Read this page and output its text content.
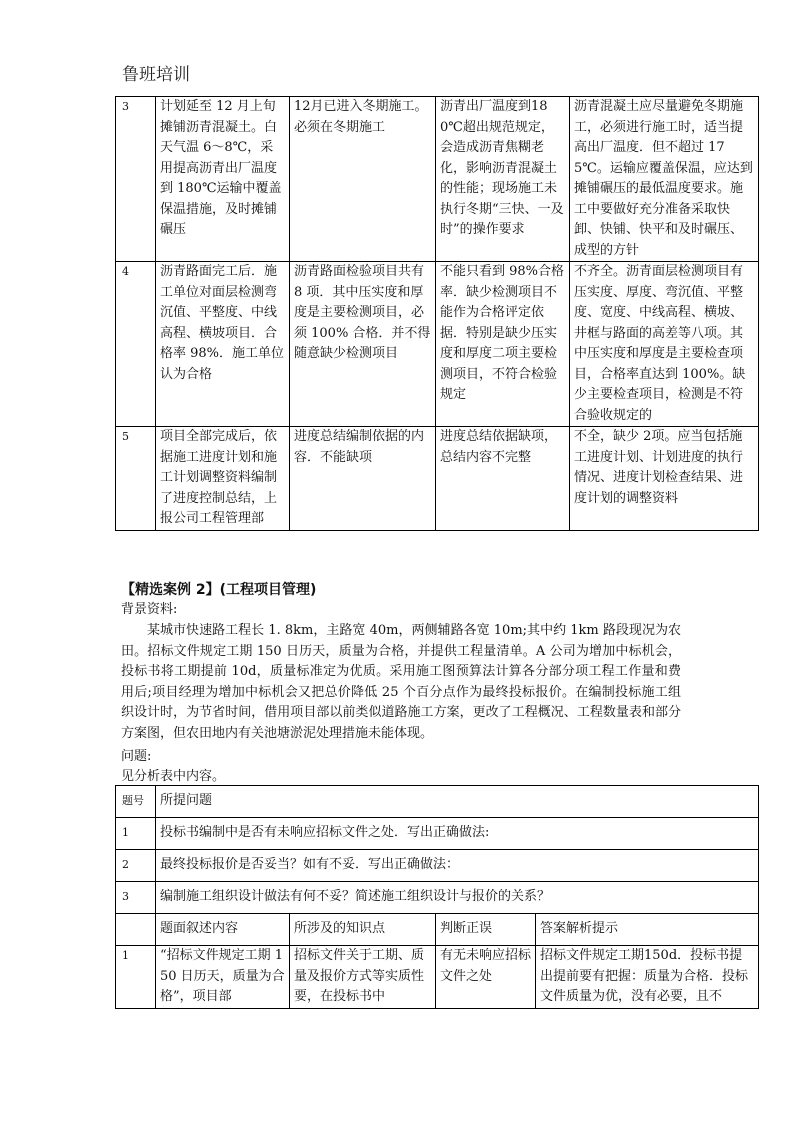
鲁班培训
3	计划延至 12 月上旬摊铺沥青混凝土。白天气温 6～8℃，采用提高沥青出厂温度到 180℃运输中覆盖保温措施，及时摊铺碾压	12月已进入冬期施工。必须在冬期施工	沥青出厂温度到180℃超出规范规定，会造成沥青焦糊老化，影响沥青混凝土的性能；现场施工未执行冬期“三快、一及时”的操作要求	沥青混凝土应尽量避免冬期施工，必须进行施工时，适当提高出厂温度．但不超过 175℃。运输应覆盖保温，应达到摊铺碾压的最低温度要求。施工中要做好充分准备采取快卸、快铺、快平和及时碾压、成型的方针
4	沥青路面完工后．施工单位对面层检测弯沉值、平整度、中线高程、横坡项目．合格率 98%．施工单位认为合格	沥青路面检验项目共有 8 项．其中压实度和厚度是主要检测项目，必须 100% 合格．并不得随意缺少检测项目	不能只看到 98%合格率．缺少检测项目不能作为合格评定依据．特别是缺少压实度和厚度二项主要检测项目，不符合检验规定	不齐全。沥青面层检测项目有压实度、厚度、弯沉值、平整度、宽度、中线高程、横坡、井框与路面的高差等八项。其中压实度和厚度是主要检查项目，合格率直达到 100%。缺少主要检查项目，检测是不符合验收规定的
5	项目全部完成后，依据施工进度计划和施工计划调整资料编制了进度控制总结，上报公司工程管理部	进度总结编制依据的内容．不能缺项	进度总结依据缺项，总结内容不完整	不全，缺少 2项。应当包括施工进度计划、计划进度的执行情况、进度计划检查结果、进度计划的调整资料
【精选案例 2】(工程项目管理)
背景资料:
某城市快速路工程长 1. 8km，主路宽 40m，两侧辅路各宽 10m;其中约 1km 路段现况为农田。招标文件规定工期 150 日历天，质量为合格，并提供工程量清单。A 公司为增加中标机会，投标书将工期提前 10d，质量标准定为优质。采用施工图预算法计算各分部分项工程工作量和费用后;项目经理为增加中标机会又把总价降低 25 个百分点作为最终投标报价。在编制投标施工组织设计时，为节省时间，借用项目部以前类似道路施工方案，更改了工程概况、工程数量表和部分方案图，但农田地内有关池塘淤泥处理措施未能体现。
问题:
见分析表中内容。
题号	所提问题			
1	投标书编制中是否有未响应招标文件之处．写出正确做法:			
2	最终投标报价是否妥当？如有不妥．写出正确做法：			
3	编制施工组织设计做法有何不妥？简述施工组织设计与报价的关系？			
	题面叙述内容	所涉及的知识点	判断正误	答案解析提示
1	“招标文件规定工期 150 日历天，质量为合格”，项目部	招标文件关于工期、质量及报价方式等实质性要，在投标书中	有无未响应招标文件之处	招标文件规定工期150d．投标书提出提前要有把握：质量为合格．投标文件质量为优，没有必要，且不
